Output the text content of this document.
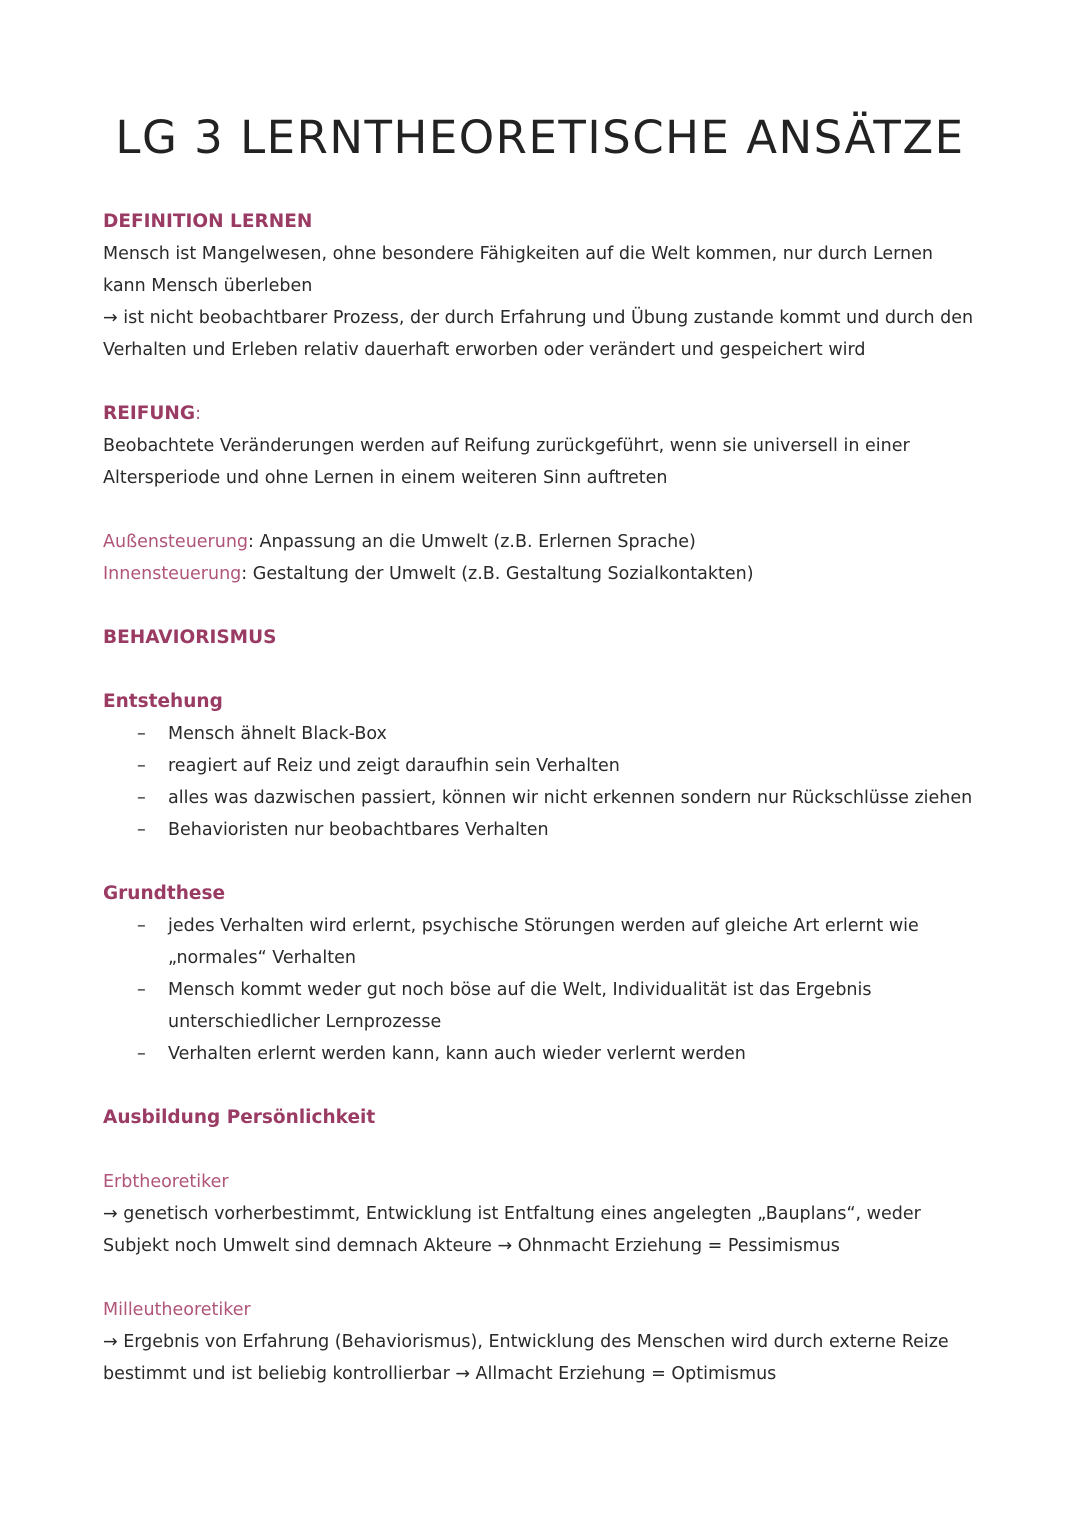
LG 3 LERNTHEORETISCHE ANSÄTZE
DEFINITION LERNEN
Mensch ist Mangelwesen, ohne besondere Fähigkeiten auf die Welt kommen, nur durch Lernen
kann Mensch überleben
→ ist nicht beobachtbarer Prozess, der durch Erfahrung und Übung zustande kommt und durch den
Verhalten und Erleben relativ dauerhaft erworben oder verändert und gespeichert wird
REIFUNG:
Beobachtete Veränderungen werden auf Reifung zurückgeführt, wenn sie universell in einer
Altersperiode und ohne Lernen in einem weiteren Sinn auftreten
Außensteuerung: Anpassung an die Umwelt (z.B. Erlernen Sprache)
Innensteuerung: Gestaltung der Umwelt (z.B. Gestaltung Sozialkontakten)
BEHAVIORISMUS
Entstehung
– Mensch ähnelt Black-Box
– reagiert auf Reiz und zeigt daraufhin sein Verhalten
– alles was dazwischen passiert, können wir nicht erkennen sondern nur Rückschlüsse ziehen
– Behavioristen nur beobachtbares Verhalten
Grundthese
– jedes Verhalten wird erlernt, psychische Störungen werden auf gleiche Art erlernt wie
„normales“ Verhalten
– Mensch kommt weder gut noch böse auf die Welt, Individualität ist das Ergebnis
unterschiedlicher Lernprozesse
– Verhalten erlernt werden kann, kann auch wieder verlernt werden
Ausbildung Persönlichkeit
Erbtheoretiker
→ genetisch vorherbestimmt, Entwicklung ist Entfaltung eines angelegten „Bauplans“, weder
Subjekt noch Umwelt sind demnach Akteure → Ohnmacht Erziehung = Pessimismus
Milleutheoretiker
→ Ergebnis von Erfahrung (Behaviorismus), Entwicklung des Menschen wird durch externe Reize
bestimmt und ist beliebig kontrollierbar → Allmacht Erziehung = Optimismus
